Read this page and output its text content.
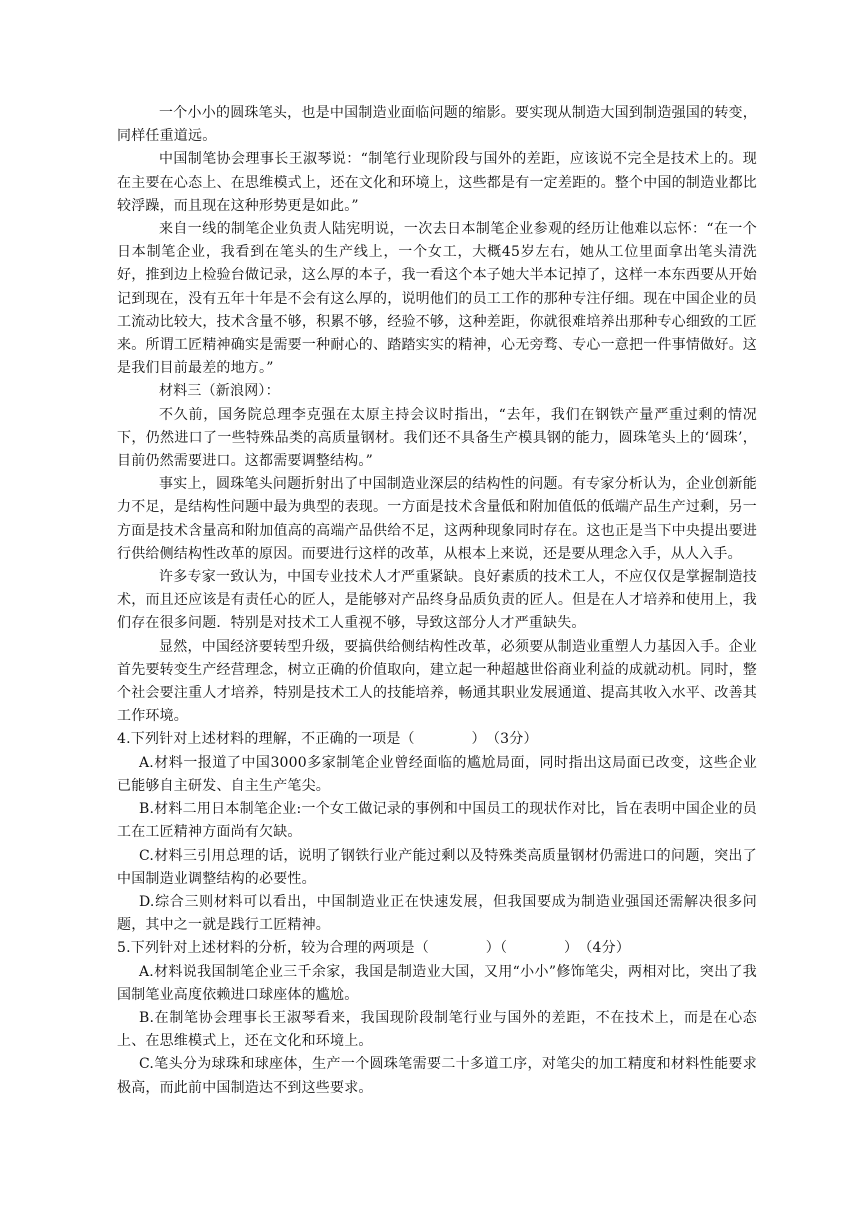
一个小小的圆珠笔头，也是中国制造业面临问题的缩影。要实现从制造大国到制造强国的转变，同样任重道远。

中国制笔协会理事长王淑琴说：“制笔行业现阶段与国外的差距，应该说不完全是技术上的。现在主要在心态上、在思维模式上，还在文化和环境上，这些都是有一定差距的。整个中国的制造业都比较浮躁，而且现在这种形势更是如此。”

来自一线的制笔企业负责人陆宪明说，一次去日本制笔企业参观的经历让他难以忘怀：“在一个日本制笔企业，我看到在笔头的生产线上，一个女工，大概45岁左右，她从工位里面拿出笔头清洗好，推到边上检验台做记录，这么厚的本子，我一看这个本子她大半本记掉了，这样一本东西要从开始记到现在，没有五年十年是不会有这么厚的，说明他们的员工工作的那种专注仔细。现在中国企业的员工流动比较大，技术含量不够，积累不够，经验不够，这种差距，你就很难培养出那种专心细致的工匠来。所谓工匠精神确实是需要一种耐心的、踏踏实实的精神，心无旁骛、专心一意把一件事情做好。这是我们目前最差的地方。”

材料三（新浪网）：

不久前，国务院总理李克强在太原主持会议时指出，“去年，我们在钢铁产量严重过剩的情况下，仍然进口了一些特殊品类的高质量钢材。我们还不具备生产模具钢的能力，圆珠笔头上的‘圆珠’，目前仍然需要进口。这都需要调整结构。”

事实上，圆珠笔头问题折射出了中国制造业深层的结构性的问题。有专家分析认为，企业创新能力不足，是结构性问题中最为典型的表现。一方面是技术含量低和附加值低的低端产品生产过剩，另一方面是技术含量高和附加值高的高端产品供给不足，这两种现象同时存在。这也正是当下中央提出要进行供给侧结构性改革的原因。而要进行这样的改革，从根本上来说，还是要从理念入手，从人入手。

许多专家一致认为，中国专业技术人才严重紧缺。良好素质的技术工人，不应仅仅是掌握制造技术，而且还应该是有责任心的匠人，是能够对产品终身品质负责的匠人。但是在人才培养和使用上，我们存在很多问题．特别是对技术工人重视不够，导致这部分人才严重缺失。

显然，中国经济要转型升级，要搞供给侧结构性改革，必须要从制造业重塑人力基因入手。企业首先要转变生产经营理念，树立正确的价值取向，建立起一种超越世俗商业利益的成就动机。同时，整个社会要注重人才培养，特别是技术工人的技能培养，畅通其职业发展通道、提高其收入水平、改善其工作环境。

4.下列针对上述材料的理解，不正确的一项是（　　　　）　（3分）

A.材料一报道了中国3000多家制笔企业曾经面临的尴尬局面，同时指出这局面已改变，这些企业已能够自主研发、自主生产笔尖。

B.材料二用日本制笔企业:一个女工做记录的事例和中国员工的现状作对比，旨在表明中国企业的员工在工匠精神方面尚有欠缺。

C.材料三引用总理的话，说明了钢铁行业产能过剩以及特殊类高质量钢材仍需进口的问题，突出了中国制造业调整结构的必要性。

D.综合三则材料可以看出，中国制造业正在快速发展，但我国要成为制造业强国还需解决很多问题，其中之一就是践行工匠精神。

5.下列针对上述材料的分析，较为合理的两项是（　　　　）（　　　　）　（4分）

A.材料说我国制笔企业三千余家，我国是制造业大国，又用“小小”修饰笔尖，两相对比，突出了我国制笔业高度依赖进口球座体的尴尬。

B.在制笔协会理事长王淑琴看来，我国现阶段制笔行业与国外的差距，不在技术上，而是在心态上、在思维模式上，还在文化和环境上。

C.笔头分为球珠和球座体，生产一个圆珠笔需要二十多道工序，对笔尖的加工精度和材料性能要求极高，而此前中国制造达不到这些要求。
